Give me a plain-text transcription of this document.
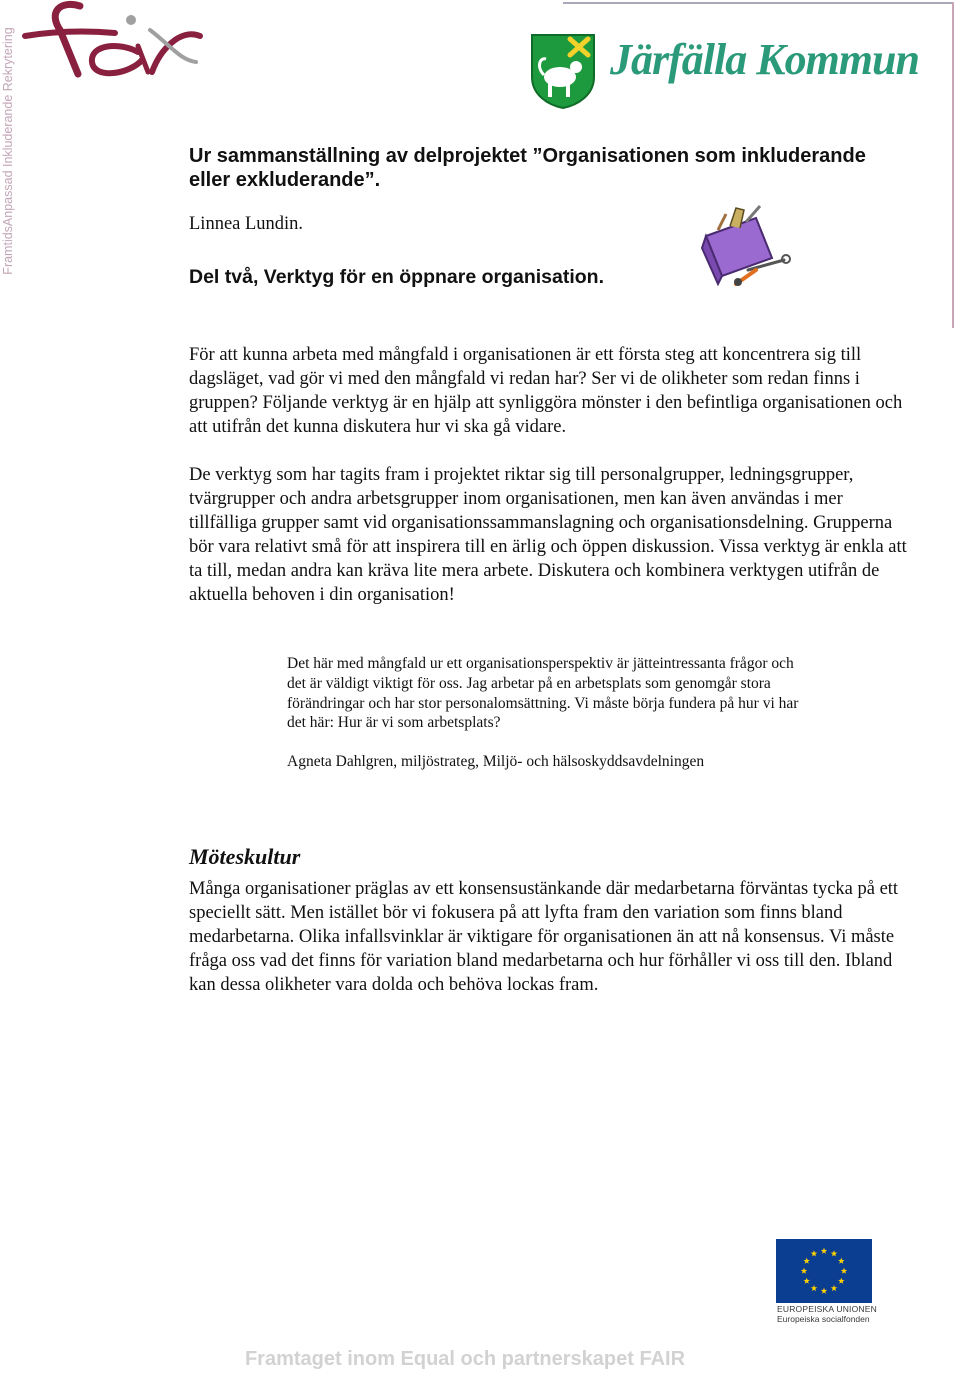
FramtidsAnpassad Inkluderande Rekrytering	Järfälla Kommun
Ur sammanställning av delprojektet ”Organisationen som inkluderande eller exkluderande”.
Linnea Lundin.
Del två, Verktyg för en öppnare organisation.
För att kunna arbeta med mångfald i organisationen är ett första steg att koncentrera sig till dagsläget, vad gör vi med den mångfald vi redan har? Ser vi de olikheter som redan finns i gruppen? Följande verktyg är en hjälp att synliggöra mönster i den befintliga organisationen och att utifrån det kunna diskutera hur vi ska gå vidare.
De verktyg som har tagits fram i projektet riktar sig till personalgrupper, ledningsgrupper, tvärgrupper och andra arbetsgrupper inom organisationen, men kan även användas i mer tillfälliga grupper samt vid organisationssammanslagning och organisationsdelning. Grupperna bör vara relativt små för att inspirera till en ärlig och öppen diskussion. Vissa verktyg är enkla att ta till, medan andra kan kräva lite mera arbete. Diskutera och kombinera verktygen utifrån de aktuella behoven i din organisation!
Det här med mångfald ur ett organisationsperspektiv är jätteintressanta frågor och det är väldigt viktigt för oss. Jag arbetar på en arbetsplats som genomgår stora förändringar och har stor personalomsättning. Vi måste börja fundera på hur vi har det här: Hur är vi som arbetsplats?
Agneta Dahlgren, miljöstrateg, Miljö- och hälsoskyddsavdelningen
Möteskultur
Många organisationer präglas av ett konsensustänkande där medarbetarna förväntas tycka på ett speciellt sätt. Men istället bör vi fokusera på att lyfta fram den variation som finns bland medarbetarna. Olika infallsvinklar är viktigare för organisationen än att nå konsensus. Vi måste fråga oss vad det finns för variation bland medarbetarna och hur förhåller vi oss till den. Ibland kan dessa olikheter vara dolda och behöva lockas fram.
EUROPEISKA UNIONEN
Europeiska socialfonden
Framtaget inom Equal och partnerskapet FAIR
